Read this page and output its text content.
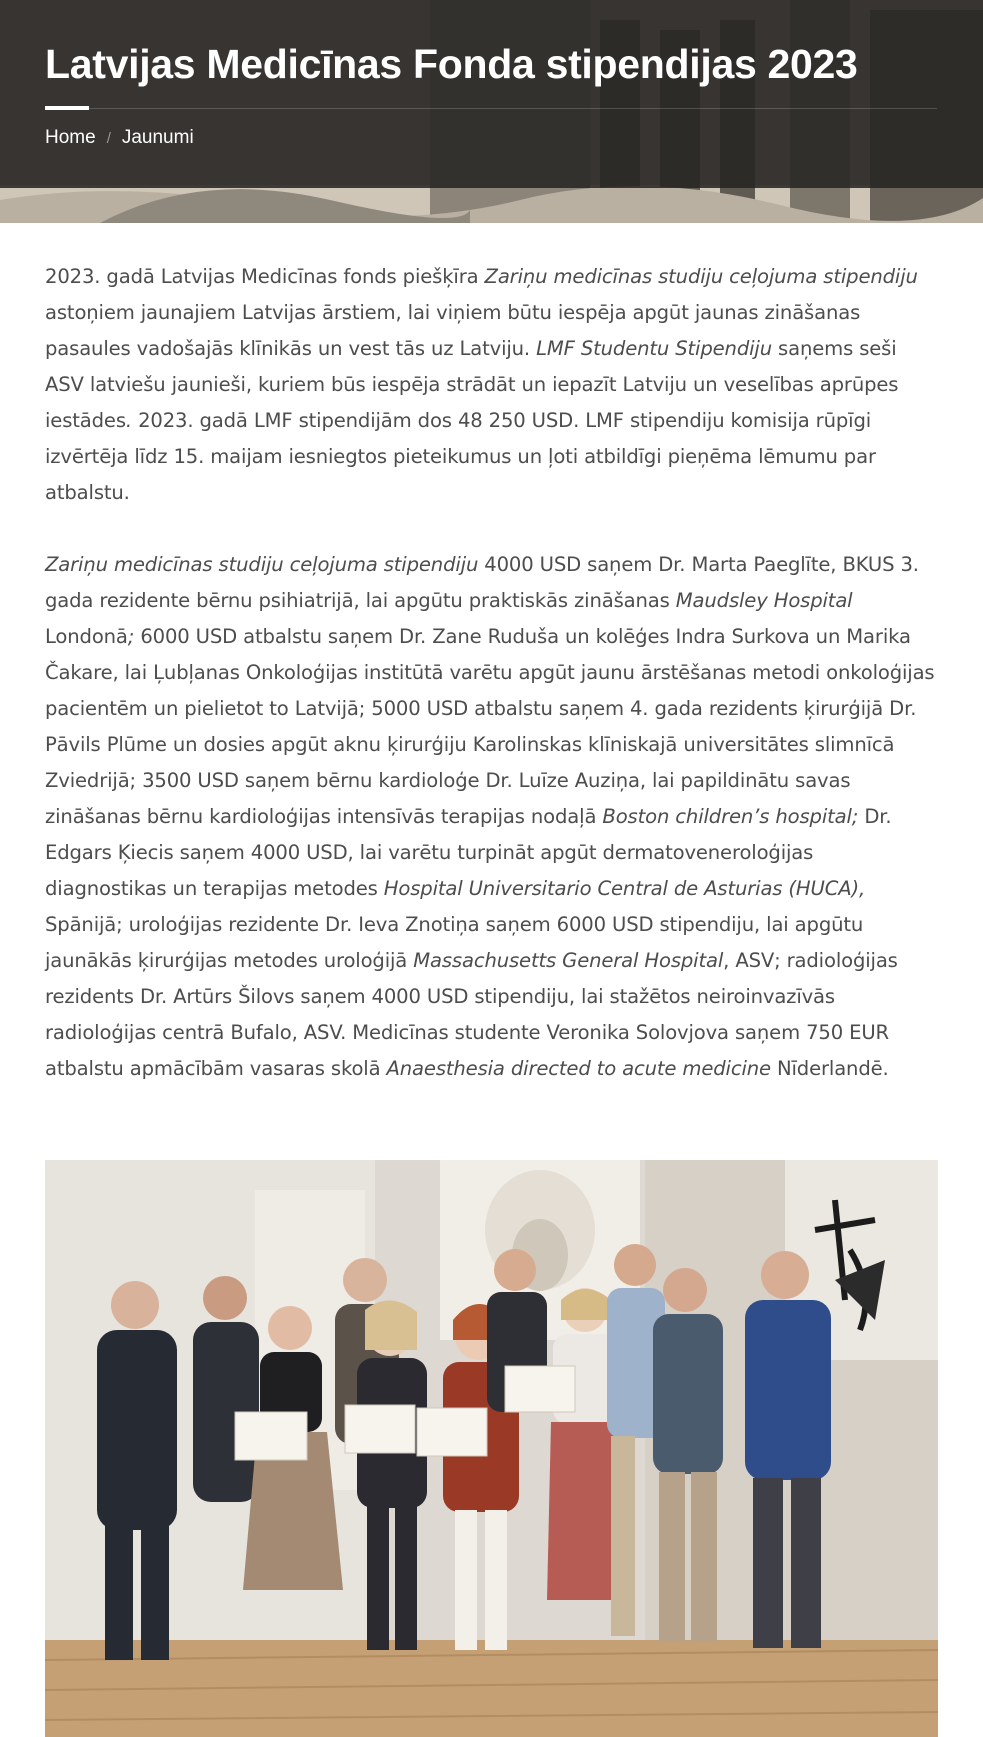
Latvijas Medicīnas Fonda stipendijas 2023
Home / Jaunumi

2023. gadā Latvijas Medicīnas fonds piešķīra Zariņu medicīnas studiju ceļojuma stipendiju astoņiem jaunajiem Latvijas ārstiem, lai viņiem būtu iespēja apgūt jaunas zināšanas pasaules vadošajās klīnikās un vest tās uz Latviju. LMF Studentu Stipendiju saņems seši ASV latviešu jaunieši, kuriem būs iespēja strādāt un iepazīt Latviju un veselības aprūpes iestādes. 2023. gadā LMF stipendijām dos 48 250 USD. LMF stipendiju komisija rūpīgi izvērtēja līdz 15. maijam iesniegtos pieteikumus un ļoti atbildīgi pieņēma lēmumu par atbalstu.

Zariņu medicīnas studiju ceļojuma stipendiju 4000 USD saņem Dr. Marta Paeglīte, BKUS 3. gada rezidente bērnu psihiatrijā, lai apgūtu praktiskās zināšanas Maudsley Hospital Londonā; 6000 USD atbalstu saņem Dr. Zane Ruduša un kolēģes Indra Surkova un Marika Čakare, lai Ļubļanas Onkoloģijas institūtā varētu apgūt jaunu ārstēšanas metodi onkoloģijas pacientēm un pielietot to Latvijā; 5000 USD atbalstu saņem 4. gada rezidents ķirurģijā Dr. Pāvils Plūme un dosies apgūt aknu ķirurģiju Karolinskas klīniskajā universitātes slimnīcā Zviedrijā; 3500 USD saņem bērnu kardioloģe Dr. Luīze Auziņa, lai papildinātu savas zināšanas bērnu kardioloģijas intensīvās terapijas nodaļā Boston children’s hospital; Dr. Edgars Ķiecis saņem 4000 USD, lai varētu turpināt apgūt dermatoveneroloģijas diagnostikas un terapijas metodes Hospital Universitario Central de Asturias (HUCA), Spānijā; uroloģijas rezidente Dr. Ieva Znotiņa saņem 6000 USD stipendiju, lai apgūtu jaunākās ķirurģijas metodes uroloģijā Massachusetts General Hospital, ASV; radioloģijas rezidents Dr. Artūrs Šilovs saņem 4000 USD stipendiju, lai stažētos neiroinvazīvās radioloģijas centrā Bufalo, ASV. Medicīnas studente Veronika Solovjova saņem 750 EUR atbalstu apmācībām vasaras skolā Anaesthesia directed to acute medicine Nīderlandē.
